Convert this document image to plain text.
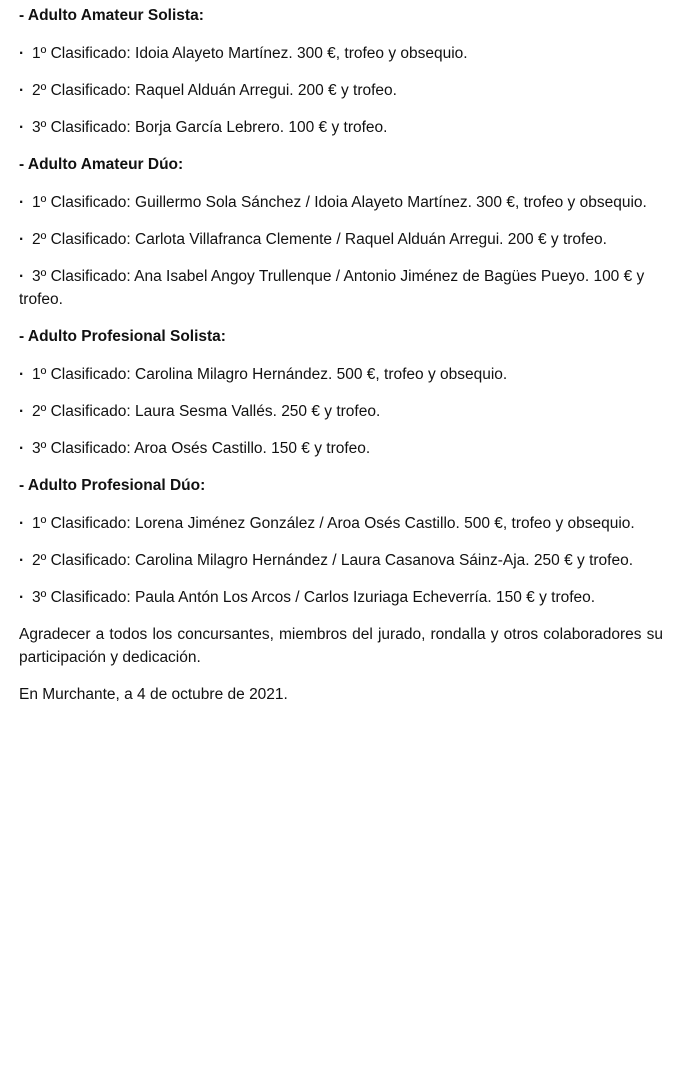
- Adulto Amateur Solista:
· 1º Clasificado: Idoia Alayeto Martínez. 300 €, trofeo y obsequio.
· 2º Clasificado: Raquel Alduán Arregui. 200 € y trofeo.
· 3º Clasificado: Borja García Lebrero. 100 € y trofeo.
- Adulto Amateur Dúo:
· 1º Clasificado: Guillermo Sola Sánchez / Idoia Alayeto Martínez. 300 €, trofeo y obsequio.
· 2º Clasificado: Carlota Villafranca Clemente / Raquel Alduán Arregui. 200 € y trofeo.
· 3º Clasificado: Ana Isabel Angoy Trullenque / Antonio Jiménez de Bagües Pueyo. 100 € y trofeo.
- Adulto Profesional Solista:
· 1º Clasificado: Carolina Milagro Hernández. 500 €, trofeo y obsequio.
· 2º Clasificado: Laura Sesma Vallés. 250 € y trofeo.
· 3º Clasificado: Aroa Osés Castillo. 150 € y trofeo.
- Adulto Profesional Dúo:
· 1º Clasificado: Lorena Jiménez González / Aroa Osés Castillo. 500 €, trofeo y obsequio.
· 2º Clasificado: Carolina Milagro Hernández / Laura Casanova Sáinz-Aja. 250 € y trofeo.
· 3º Clasificado: Paula Antón Los Arcos / Carlos Izuriaga Echeverría. 150 € y trofeo.

Agradecer a todos los concursantes, miembros del jurado, rondalla y otros colaboradores su participación y dedicación.

En Murchante, a 4 de octubre de 2021.
